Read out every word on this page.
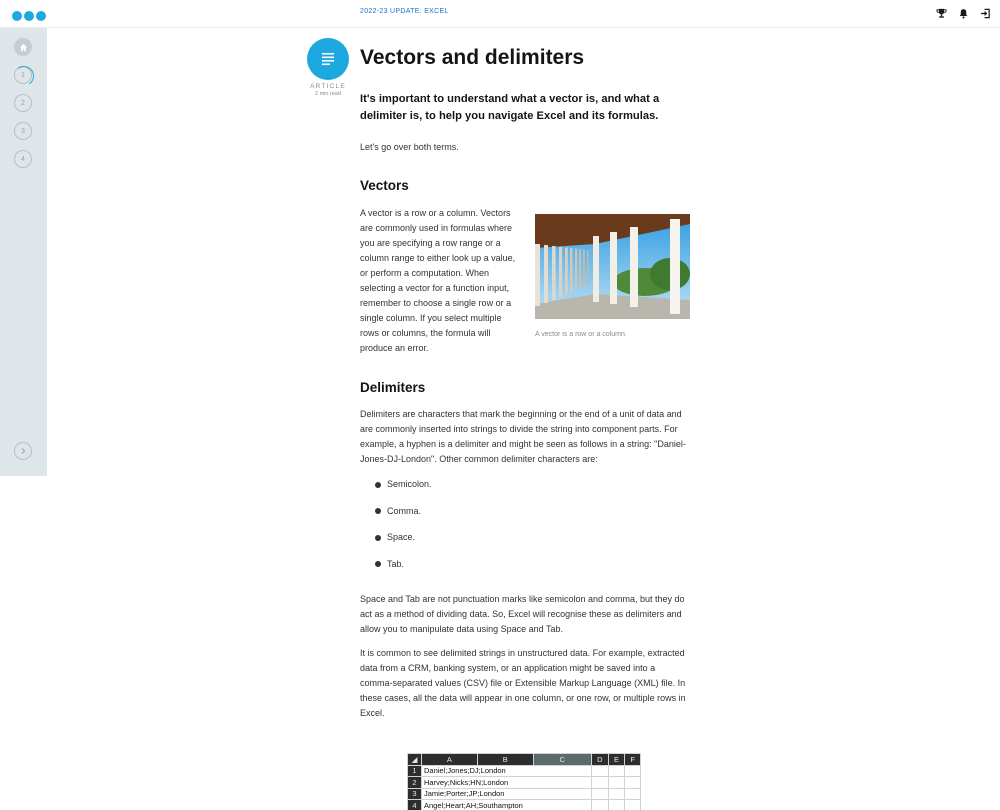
2022-23 UPDATE: EXCEL
1
2
3
4
ARTICLE
2 min read
Vectors and delimiters
It's important to understand what a vector is, and what a delimiter is, to help you navigate Excel and its formulas.

Let's go over both terms.

Vectors

A vector is a row or a column. Vectors are commonly used in formulas where you are specifying a row range or a column range to either look up a value, or perform a computation. When selecting a vector for a function input, remember to choose a single row or a single column. If you select multiple rows or columns, the formula will produce an error.

A vector is a row or a column.
Delimiters

Delimiters are characters that mark the beginning or the end of a unit of data and are commonly inserted into strings to divide the string into component parts. For example, a hyphen is a delimiter and might be seen as follows in a string: "Daniel-Jones-DJ-London". Other common delimiter characters are:

Semicolon.
Comma.
Space.
Tab.

Space and Tab are not punctuation marks like semicolon and comma, but they do act as a method of dividing data. So, Excel will recognise these as delimiters and allow you to manipulate data using Space and Tab.

It is common to see delimited strings in unstructured data. For example, extracted data from a CRM, banking system, or an application might be saved into a comma-separated values (CSV) file or Extensible Markup Language (XML) file. In these cases, all the data will appear in one column, or one row, or multiple rows in Excel.

◢	A	B	C	D	E	F
1	Daniel;Jones;DJ;London					
2	Harvey;Nicks;HN;London					
3	Jamie;Porter;JP;London					
4	Angel;Heart;AH;Southampton					
